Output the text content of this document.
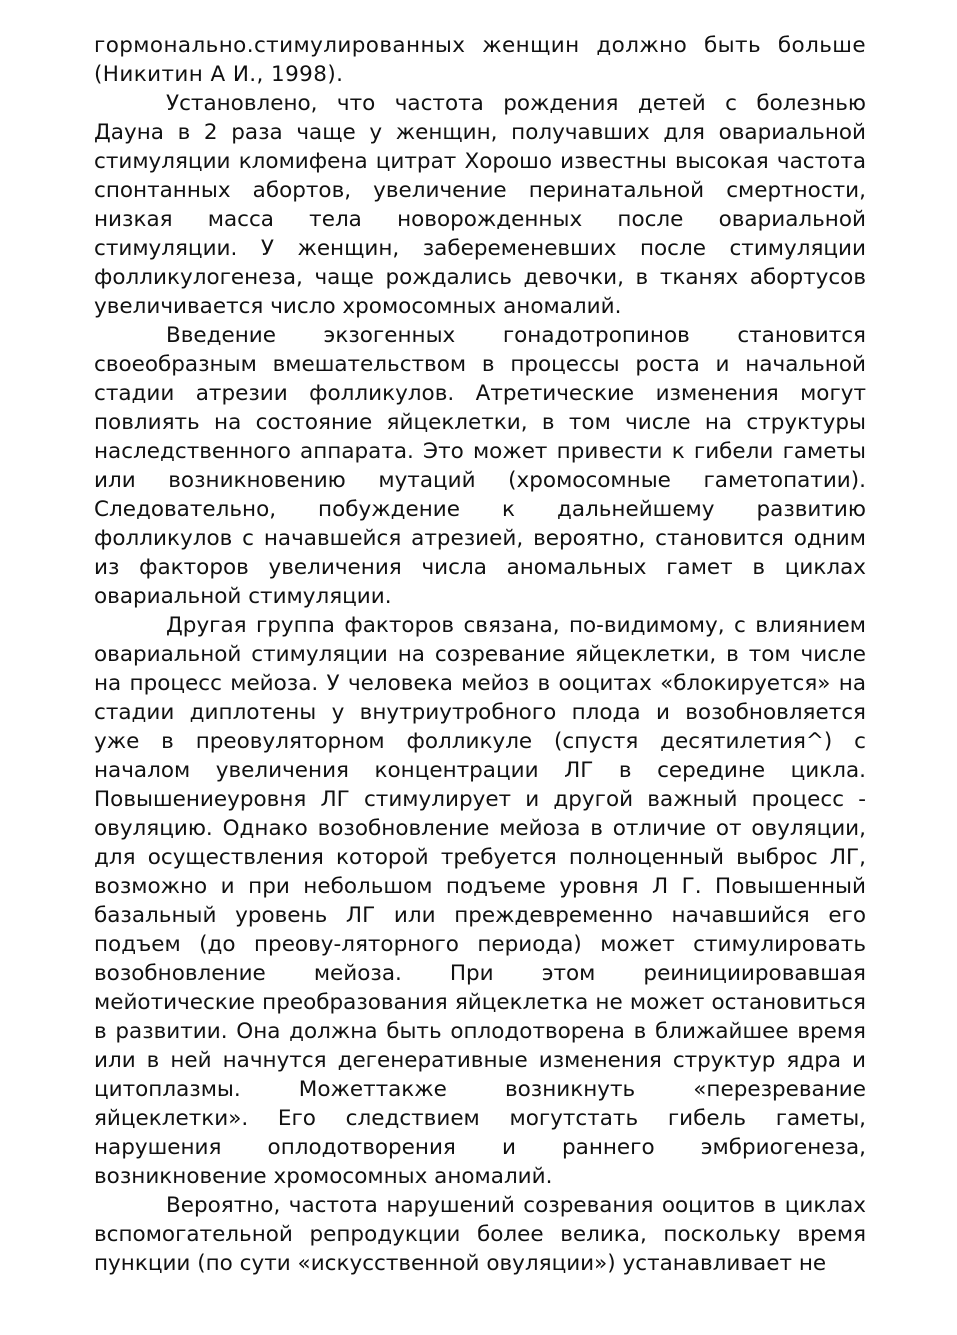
гормонально.стимулированных женщин должно быть больше (Никитин А И., 1998).

Установлено, что частота рождения детей с болезнью Дауна в 2 раза чаще у женщин, получавших для овариальной стимуляции кломифена цитрат Хорошо известны высокая частота спонтанных абортов, увеличение перинатальной смертности, низкая масса тела новорожденных после овариальной стимуляции. У женщин, забеременевших после стимуляции фолликулогенеза, чаще рождались девочки, в тканях абортусов увеличивается число хромосомных аномалий.

Введение экзогенных гонадотропинов становится своеобразным вмешательством в процессы роста и начальной стадии атрезии фолликулов. Атретические изменения могут повлиять на состояние яйцеклетки, в том числе на структуры наследственного аппарата. Это может привести к гибели гаметы или возникновению мутаций (хромосомные гаметопатии). Следовательно, побуждение к дальнейшему развитию фолликулов с начавшейся атрезией, вероятно, становится одним из факторов увеличения числа аномальных гамет в циклах овариальной стимуляции.

Другая группа факторов связана, по-видимому, с влиянием овариальной стимуляции на созревание яйцеклетки, в том числе на процесс мейоза. У человека мейоз в ооцитах «блокируется» на стадии диплотены у внутриутробного плода и возобновляется уже в преовуляторном фолликуле (спустя десятилетия^) с началом увеличения концентрации ЛГ в середине цикла. Повышениеуровня ЛГ стимулирует и другой важный процесс - овуляцию. Однако возобновление мейоза в отличие от овуляции, для осуществления которой требуется полноценный выброс ЛГ, возможно и при небольшом подъеме уровня Л Г. Повышенный базальный уровень ЛГ или преждевременно начавшийся его подъем (до преову-ляторного периода) может стимулировать возобновление мейоза. При этом реинициировавшая мейотические преобразования яйцеклетка не может остановиться в развитии. Она должна быть оплодотворена в ближайшее время или в ней начнутся дегенеративные изменения структур ядра и цитоплазмы. Можеттакже возникнуть «перезревание яйцеклетки». Его следствием могутстать гибель гаметы, нарушения оплодотворения и раннего эмбриогенеза, возникновение хромосомных аномалий.

Вероятно, частота нарушений созревания ооцитов в циклах вспомогательной репродукции более велика, поскольку время пункции (по сути «искусственной овуляции») устанавливает не
